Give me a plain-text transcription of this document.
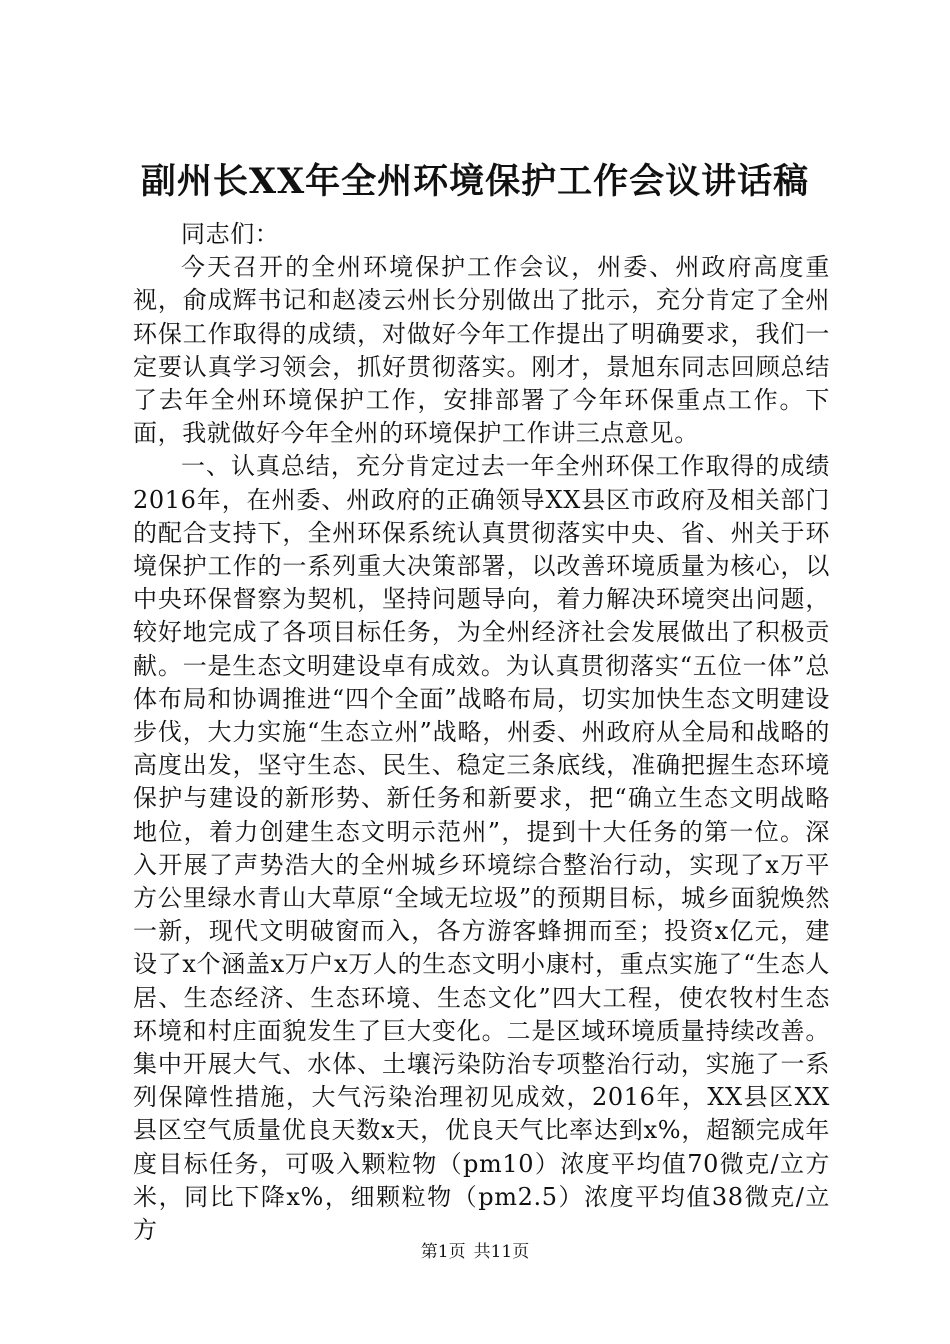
副州长XX年全州环境保护工作会议讲话稿

同志们：

今天召开的全州环境保护工作会议，州委、州政府高度重视，俞成辉书记和赵凌云州长分别做出了批示，充分肯定了全州环保工作取得的成绩，对做好今年工作提出了明确要求，我们一定要认真学习领会，抓好贯彻落实。刚才，景旭东同志回顾总结了去年全州环境保护工作，安排部署了今年环保重点工作。下面，我就做好今年全州的环境保护工作讲三点意见。

一、认真总结，充分肯定过去一年全州环保工作取得的成绩2016年，在州委、州政府的正确领导XX县区市政府及相关部门的配合支持下，全州环保系统认真贯彻落实中央、省、州关于环境保护工作的一系列重大决策部署，以改善环境质量为核心，以中央环保督察为契机，坚持问题导向，着力解决环境突出问题，较好地完成了各项目标任务，为全州经济社会发展做出了积极贡献。一是生态文明建设卓有成效。为认真贯彻落实“五位一体”总体布局和协调推进“四个全面”战略布局，切实加快生态文明建设步伐，大力实施“生态立州”战略，州委、州政府从全局和战略的高度出发，坚守生态、民生、稳定三条底线，准确把握生态环境保护与建设的新形势、新任务和新要求，把“确立生态文明战略地位，着力创建生态文明示范州”，提到十大任务的第一位。深入开展了声势浩大的全州城乡环境综合整治行动，实现了x万平方公里绿水青山大草原“全域无垃圾”的预期目标，城乡面貌焕然一新，现代文明破窗而入，各方游客蜂拥而至；投资x亿元，建设了x个涵盖x万户x万人的生态文明小康村，重点实施了“生态人居、生态经济、生态环境、生态文化”四大工程，使农牧村生态环境和村庄面貌发生了巨大变化。二是区域环境质量持续改善。集中开展大气、水体、土壤污染防治专项整治行动，实施了一系列保障性措施，大气污染治理初见成效，2016年，XX县区XX县区空气质量优良天数x天，优良天气比率达到x%，超额完成年度目标任务，可吸入颗粒物（pm10）浓度平均值70微克/立方米，同比下降x%，细颗粒物（pm2.5）浓度平均值38微克/立方

第1页 共11页
